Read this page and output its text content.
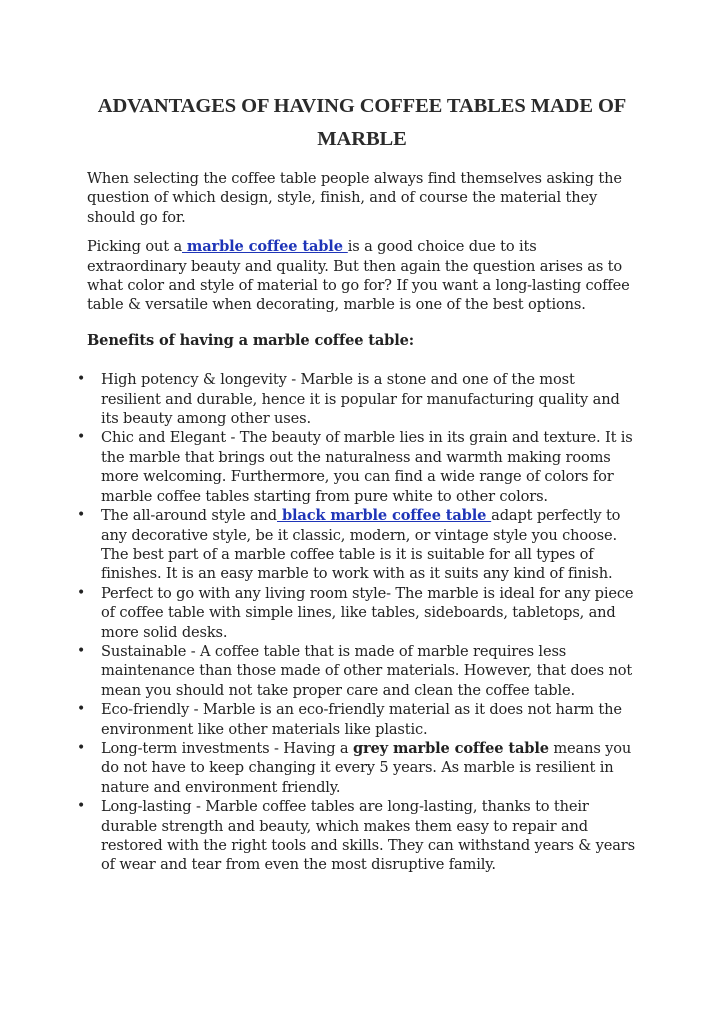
ADVANTAGES OF HAVING COFFEE TABLES MADE OF MARBLE

When selecting the coffee table people always find themselves asking the question of which design, style, finish, and of course the material they should go for.

Picking out a marble coffee table is a good choice due to its extraordinary beauty and quality. But then again the question arises as to what color and style of material to go for? If you want a long-lasting coffee table & versatile when decorating, marble is one of the best options.

Benefits of having a marble coffee table:

• High potency & longevity - Marble is a stone and one of the most resilient and durable, hence it is popular for manufacturing quality and its beauty among other uses.
• Chic and Elegant - The beauty of marble lies in its grain and texture. It is the marble that brings out the naturalness and warmth making rooms more welcoming. Furthermore, you can find a wide range of colors for marble coffee tables starting from pure white to other colors.
• The all-around style and black marble coffee table adapt perfectly to any decorative style, be it classic, modern, or vintage style you choose. The best part of a marble coffee table is it is suitable for all types of finishes. It is an easy marble to work with as it suits any kind of finish.
• Perfect to go with any living room style- The marble is ideal for any piece of coffee table with simple lines, like tables, sideboards, tabletops, and more solid desks.
• Sustainable - A coffee table that is made of marble requires less maintenance than those made of other materials. However, that does not mean you should not take proper care and clean the coffee table.
• Eco-friendly - Marble is an eco-friendly material as it does not harm the environment like other materials like plastic.
• Long-term investments - Having a grey marble coffee table means you do not have to keep changing it every 5 years. As marble is resilient in nature and environment friendly.
• Long-lasting - Marble coffee tables are long-lasting, thanks to their durable strength and beauty, which makes them easy to repair and restored with the right tools and skills. They can withstand years & years of wear and tear from even the most disruptive family.
